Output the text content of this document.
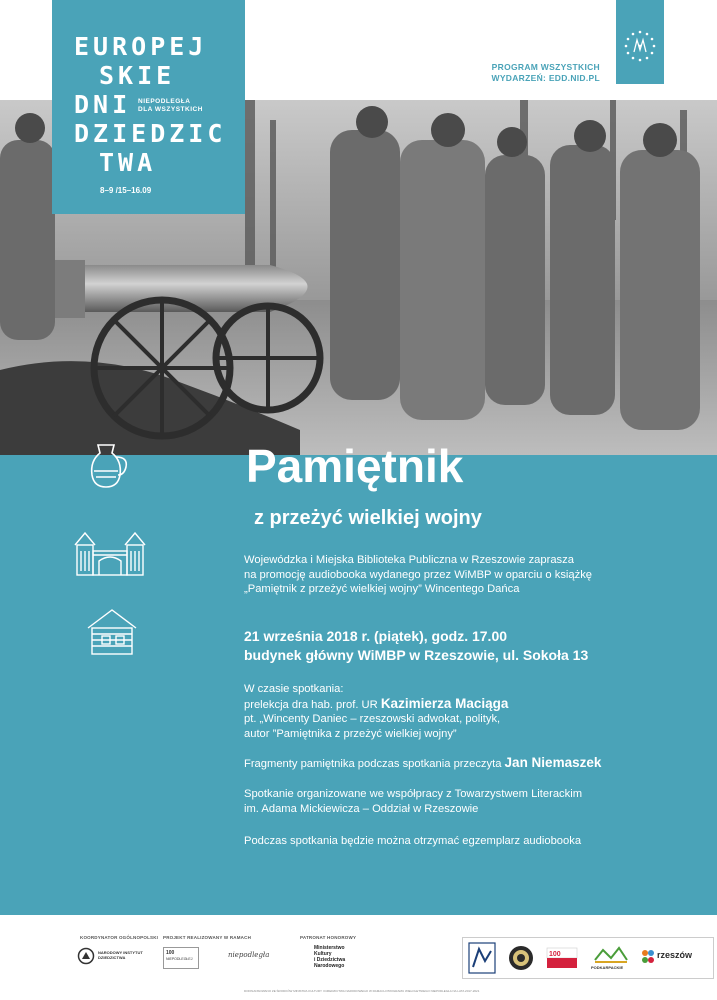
EUROPEJ
SKIE
DNI NIEPODLEGŁA
DLA WSZYSTKICH
DZIEDZIC
TWA
8–9 /15–16.09
PROGRAM WSZYSTKICH
WYDARZEŃ: EDD.NID.PL
Pamiętnik
z przeżyć wielkiej wojny
Wojewódzka i Miejska Biblioteka Publiczna w Rzeszowie zaprasza
na promocję audiobooka wydanego przez WiMBP w oparciu o książkę
„Pamiętnik z przeżyć wielkiej wojny” Wincentego Dańca
21 września 2018 r. (piątek), godz. 17.00
budynek główny WiMBP w Rzeszowie, ul. Sokoła 13
W czasie spotkania:
prelekcja dra hab. prof. UR Kazimierza Maciąga
pt. „Wincenty Daniec – rzeszowski adwokat, polityk,
autor ”Pamiętnika z przeżyć wielkiej wojny”
Fragmenty pamiętnika podczas spotkania przeczyta Jan Niemaszek
Spotkanie organizowane we współpracy z Towarzystwem Literackim
im. Adama Mickiewicza – Oddział w Rzeszowie
Podczas spotkania będzie można otrzymać egzemplarz audiobooka
KOORDYNATOR OGÓLNOPOLSKI
NARODOWY INSTYTUT
DZIEDZICTWA
PROJEKT REALIZOWANY W RAMACH
100
NIEPODLEGŁEJ	niepodległa
PATRONAT HONOROWY
Ministerstwo
Kultury
i Dziedzictwa
Narodowego
DOFINANSOWANO ZE ŚRODKÓW MINISTRA KULTURY I DZIEDZICTWA NARODOWEGO W RAMACH PROGRAMU WIELOLETNIEGO NIEPODLEGŁA NA LATA 2017-2021
100
PODKARPACKIE
rzeszów
